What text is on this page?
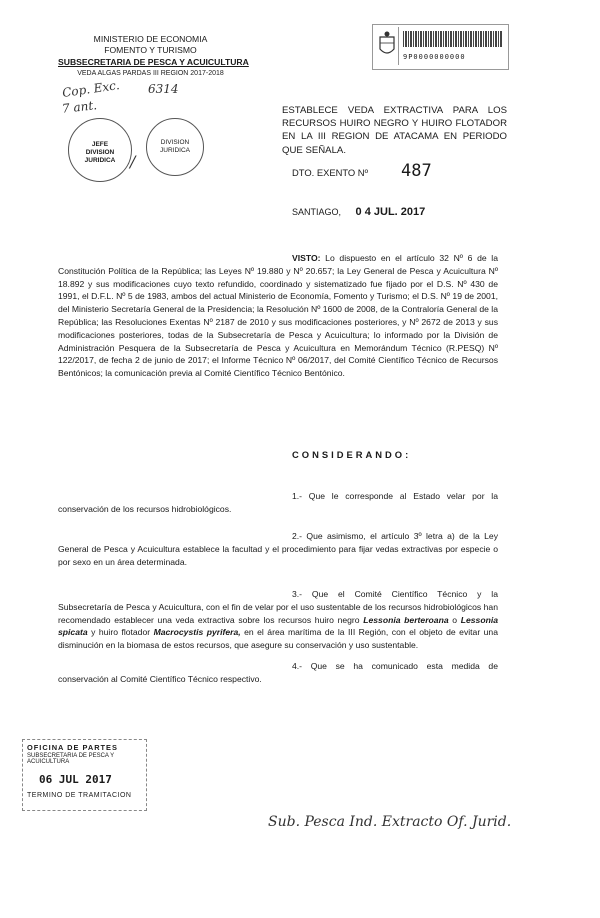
MINISTERIO DE ECONOMIA
FOMENTO Y TURISMO
SUBSECRETARIA DE PESCA Y ACUICULTURA
VEDA ALGAS PARDAS III REGION 2017-2018
Cop. Exc.
7 ant.
6314
JEFE DIVISION JURIDICA
DIVISION JURIDICA
/
9P0000000000
ESTABLECE VEDA EXTRACTIVA PARA LOS RECURSOS HUIRO NEGRO Y HUIRO FLOTADOR EN LA III REGION DE ATACAMA EN PERIODO QUE SEÑALA.
DTO. EXENTO Nº 487
SANTIAGO, 0 4 JUL. 2017
VISTO: Lo dispuesto en el artículo 32 Nº 6 de la Constitución Política de la República; las Leyes Nº 19.880 y Nº 20.657; la Ley General de Pesca y Acuicultura Nº 18.892 y sus modificaciones cuyo texto refundido, coordinado y sistematizado fue fijado por el D.S. Nº 430 de 1991, el D.F.L. Nº 5 de 1983, ambos del actual Ministerio de Economía, Fomento y Turismo; el D.S. Nº 19 de 2001, del Ministerio Secretaría General de la Presidencia; la Resolución Nº 1600 de 2008, de la Contraloría General de la República; las Resoluciones Exentas Nº 2187 de 2010 y sus modificaciones posteriores, y Nº 2672 de 2013 y sus modificaciones posteriores, todas de la Subsecretaría de Pesca y Acuicultura; lo informado por la División de Administración Pesquera de la Subsecretaría de Pesca y Acuicultura en Memorándum Técnico (R.PESQ) Nº 122/2017, de fecha 2 de junio de 2017; el Informe Técnico Nº 06/2017, del Comité Científico Técnico de Recursos Bentónicos; la comunicación previa al Comité Científico Técnico Bentónico.
CONSIDERANDO:
1.- Que le corresponde al Estado velar por la conservación de los recursos hidrobiológicos.
2.- Que asimismo, el artículo 3º letra a) de la Ley General de Pesca y Acuicultura establece la facultad y el procedimiento para fijar vedas extractivas por especie o por sexo en un área determinada.
3.- Que el Comité Científico Técnico y la Subsecretaría de Pesca y Acuicultura, con el fin de velar por el uso sustentable de los recursos hidrobiológicos han recomendado establecer una veda extractiva sobre los recursos huiro negro Lessonia berteroana o Lessonia spicata y huiro flotador Macrocystis pyrifera, en el área marítima de la III Región, con el objeto de evitar una disminución en la biomasa de estos recursos, que asegure su conservación y uso sustentable.
4.- Que se ha comunicado esta medida de conservación al Comité Científico Técnico respectivo.
OFICINA DE PARTES
SUBSECRETARIA DE PESCA Y ACUICULTURA
06 JUL 2017
TERMINO DE TRAMITACION
Sub. Pesca Ind. Extracto Of. Jurid.
